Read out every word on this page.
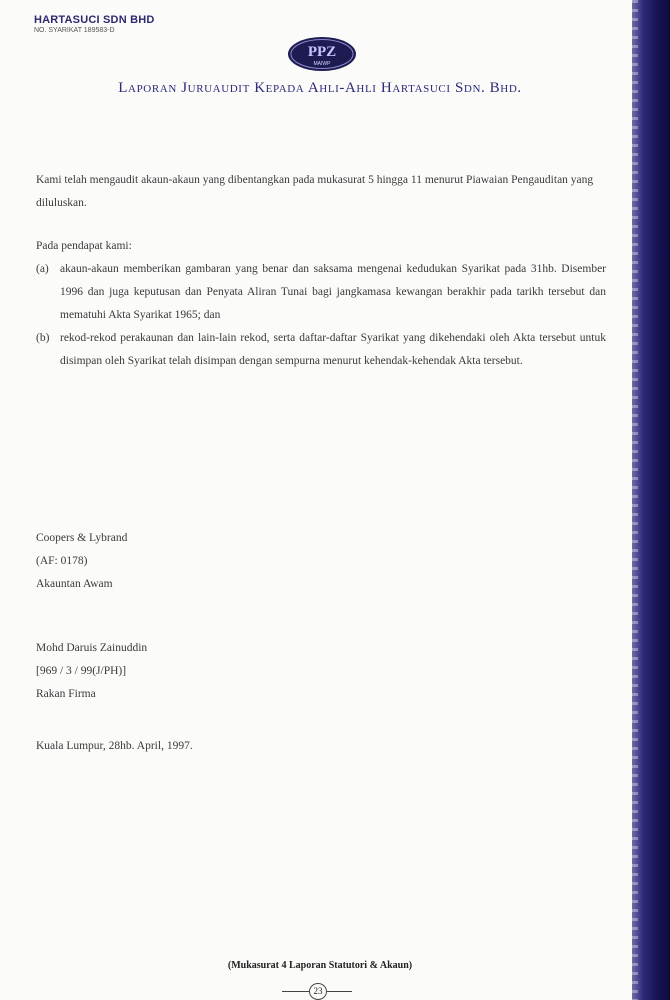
HARTASUCI SDN BHD
NO. SYARIKAT 189583-D
PPZ
MAIWP
Laporan Juruaudit Kepada Ahli-Ahli Hartasuci Sdn. Bhd.
Kami telah mengaudit akaun-akaun yang dibentangkan pada mukasurat 5 hingga 11 menurut Piawaian Pengauditan yang diluluskan.
Pada pendapat kami:
(a) akaun-akaun memberikan gambaran yang benar dan saksama mengenai kedudukan Syarikat pada 31hb. Disember 1996 dan juga keputusan dan Penyata Aliran Tunai bagi jangkamasa kewangan berakhir pada tarikh tersebut dan mematuhi Akta Syarikat 1965; dan
(b) rekod-rekod perakaunan dan lain-lain rekod, serta daftar-daftar Syarikat yang dikehendaki oleh Akta tersebut untuk disimpan oleh Syarikat telah disimpan dengan sempurna menurut kehendak-kehendak Akta tersebut.
Coopers & Lybrand
(AF: 0178)
Akauntan Awam
Mohd Daruis Zainuddin
[969 / 3 / 99(J/PH)]
Rakan Firma
Kuala Lumpur, 28hb. April, 1997.
(Mukasurat 4 Laporan Statutori & Akaun)
23
